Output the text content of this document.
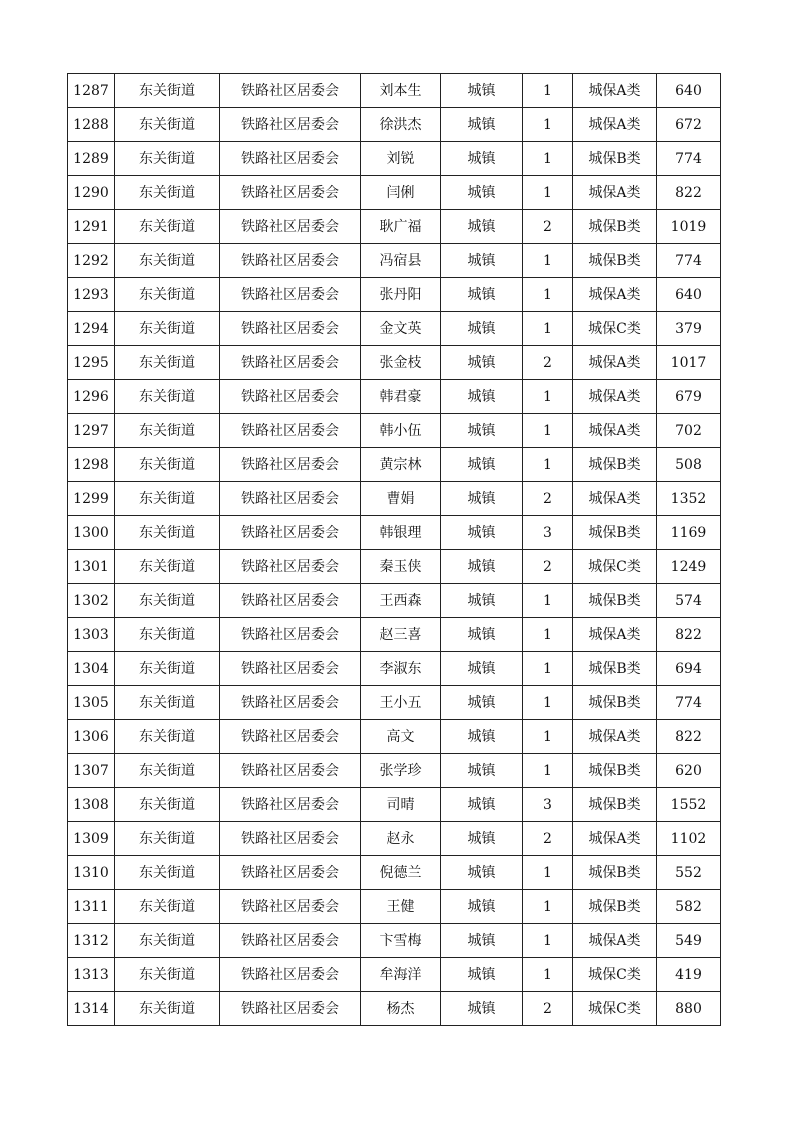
1287	东关街道	铁路社区居委会	刘本生	城镇	1	城保A类	640
1288	东关街道	铁路社区居委会	徐洪杰	城镇	1	城保A类	672
1289	东关街道	铁路社区居委会	刘锐	城镇	1	城保B类	774
1290	东关街道	铁路社区居委会	闫俐	城镇	1	城保A类	822
1291	东关街道	铁路社区居委会	耿广福	城镇	2	城保B类	1019
1292	东关街道	铁路社区居委会	冯宿县	城镇	1	城保B类	774
1293	东关街道	铁路社区居委会	张丹阳	城镇	1	城保A类	640
1294	东关街道	铁路社区居委会	金文英	城镇	1	城保C类	379
1295	东关街道	铁路社区居委会	张金枝	城镇	2	城保A类	1017
1296	东关街道	铁路社区居委会	韩君豪	城镇	1	城保A类	679
1297	东关街道	铁路社区居委会	韩小伍	城镇	1	城保A类	702
1298	东关街道	铁路社区居委会	黄宗林	城镇	1	城保B类	508
1299	东关街道	铁路社区居委会	曹娟	城镇	2	城保A类	1352
1300	东关街道	铁路社区居委会	韩银理	城镇	3	城保B类	1169
1301	东关街道	铁路社区居委会	秦玉侠	城镇	2	城保C类	1249
1302	东关街道	铁路社区居委会	王西森	城镇	1	城保B类	574
1303	东关街道	铁路社区居委会	赵三喜	城镇	1	城保A类	822
1304	东关街道	铁路社区居委会	李淑东	城镇	1	城保B类	694
1305	东关街道	铁路社区居委会	王小五	城镇	1	城保B类	774
1306	东关街道	铁路社区居委会	高文	城镇	1	城保A类	822
1307	东关街道	铁路社区居委会	张学珍	城镇	1	城保B类	620
1308	东关街道	铁路社区居委会	司晴	城镇	3	城保B类	1552
1309	东关街道	铁路社区居委会	赵永	城镇	2	城保A类	1102
1310	东关街道	铁路社区居委会	倪德兰	城镇	1	城保B类	552
1311	东关街道	铁路社区居委会	王健	城镇	1	城保B类	582
1312	东关街道	铁路社区居委会	卞雪梅	城镇	1	城保A类	549
1313	东关街道	铁路社区居委会	牟海洋	城镇	1	城保C类	419
1314	东关街道	铁路社区居委会	杨杰	城镇	2	城保C类	880
